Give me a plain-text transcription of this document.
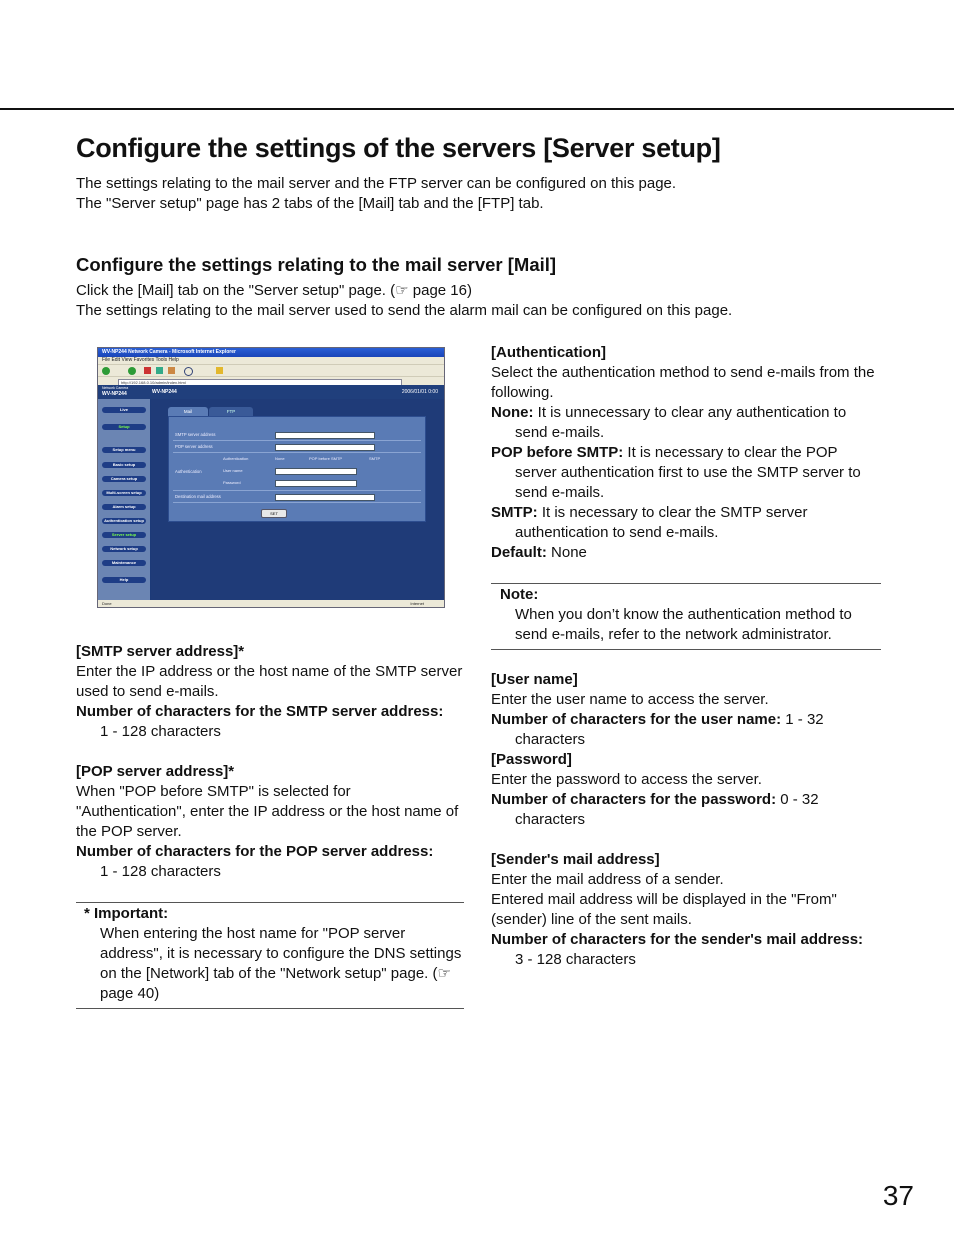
Configure the settings of the servers [Server setup]
The settings relating to the mail server and the FTP server can be configured on this page.
The "Server setup" page has 2 tabs of the [Mail] tab and the [FTP] tab.
Configure the settings relating to the mail server [Mail]
Click the [Mail] tab on the "Server setup" page. (☞ page 16)
The settings relating to the mail server used to send the alarm mail can be configured on this page.
WV-NP244 Network Camera - Microsoft Internet Explorer
File Edit View Favorites Tools Help
http://192.168.0.10/admin/index.html
Network Camera
WV-NP244	WV-NP244	2006/01/01 0:00
Live
Setup
Setup menu
Basic setup
Camera setup
Multi-screen setup
Alarm setup
Authentication setup
Server setup
Network setup
Maintenance
Help
Mail	FTP
SMTP server address
POP server address
Authentication
Authentication	None	POP before SMTP	SMTP
User name
Password
Destination mail address
SET
Done	Internet
[SMTP server address]*
Enter the IP address or the host name of the SMTP server used to send e-mails.
Number of characters for the SMTP server address:
1 - 128 characters
[POP server address]*
When "POP before SMTP" is selected for "Authentication", enter the IP address or the host name of the POP server.
Number of characters for the POP server address:
1 - 128 characters
* Important:
When entering the host name for "POP server address", it is necessary to configure the DNS settings on the [Network] tab of the "Network setup" page. (☞ page 40)
[Authentication]
Select the authentication method to send e-mails from the following.
None: It is unnecessary to clear any authentication to send e-mails.
POP before SMTP: It is necessary to clear the POP server authentication first to use the SMTP server to send e-mails.
SMTP: It is necessary to clear the SMTP server authentication to send e-mails.
Default: None
Note:
When you don’t know the authentication method to send e-mails, refer to the network administrator.
[User name]
Enter the user name to access the server.
Number of characters for the user name: 1 - 32 characters
[Password]
Enter the password to access the server.
Number of characters for the password: 0 - 32 characters
[Sender's mail address]
Enter the mail address of a sender.
Entered mail address will be displayed in the "From" (sender) line of the sent mails.
Number of characters for the sender's mail address:
3 - 128 characters
37
